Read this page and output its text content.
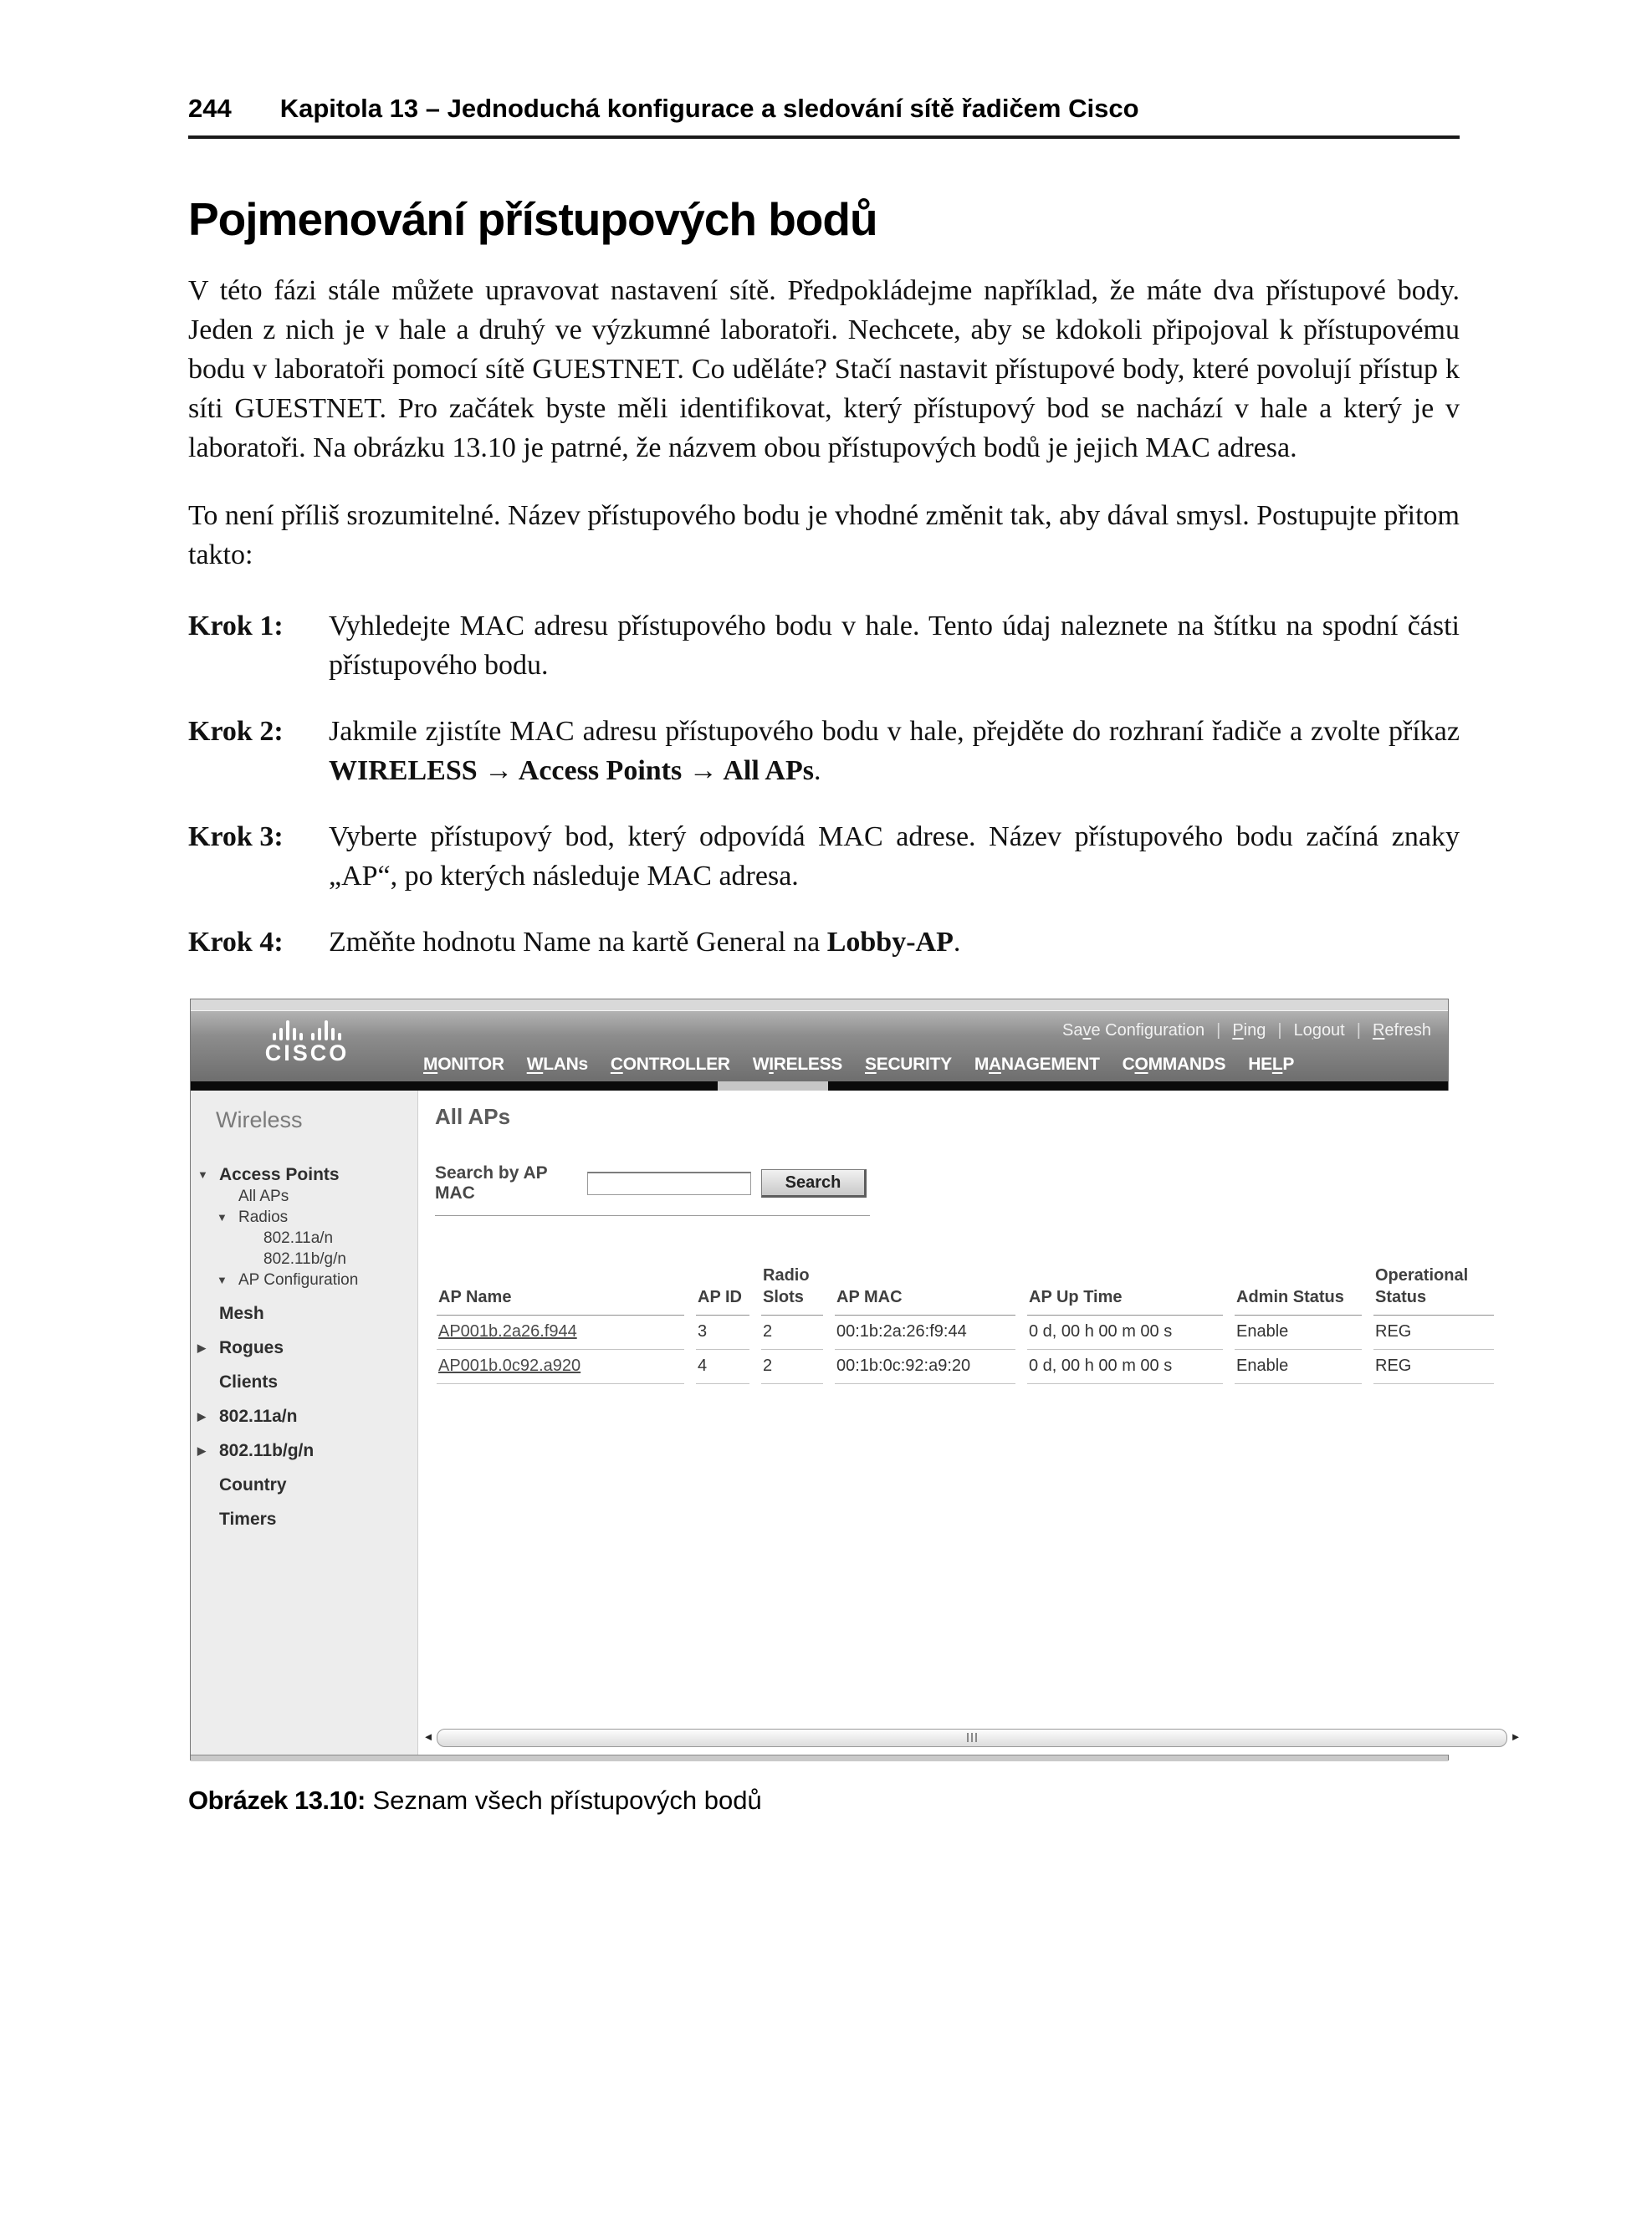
244 Kapitola 13 – Jednoduchá konfigurace a sledování sítě řadičem Cisco
Pojmenování přístupových bodů

V této fázi stále můžete upravovat nastavení sítě. Předpokládejme například, že máte dva přístupové body. Jeden z nich je v hale a druhý ve výzkumné laboratoři. Nechcete, aby se kdokoli připojoval k přístupovému bodu v laboratoři pomocí sítě GUESTNET. Co uděláte? Stačí nastavit přístupové body, které povolují přístup k síti GUESTNET. Pro začátek byste měli identifikovat, který přístupový bod se nachází v hale a který je v laboratoři. Na obrázku 13.10 je patrné, že názvem obou přístupových bodů je jejich MAC adresa.

To není příliš srozumitelné. Název přístupového bodu je vhodné změnit tak, aby dával smysl. Postupujte přitom takto:

Krok 1:	Vyhledejte MAC adresu přístupového bodu v hale. Tento údaj naleznete na štítku na spodní části přístupového bodu.
Krok 2:	Jakmile zjistíte MAC adresu přístupového bodu v hale, přejděte do rozhraní řadiče a zvolte příkaz WIRELESS → Access Points → All APs.
Krok 3:	Vyberte přístupový bod, který odpovídá MAC adrese. Název přístupového bodu začíná znaky „AP“, po kterých následuje MAC adresa.
Krok 4:	Změňte hodnotu Name na kartě General na Lobby-AP.
CISCO
Save Configuration | Ping | Logout | Refresh
MONITOR WLANs CONTROLLER WIRELESS SECURITY MANAGEMENT COMMANDS HELP
Wireless
▼ Access Points
All APs
▼ Radios
802.11a/n
802.11b/g/n
▼ AP Configuration
Mesh
▶ Rogues
Clients
▶ 802.11a/n
▶ 802.11b/g/n
Country
Timers
All APs
Search by AP MAC
Search
AP Name	AP ID	Radio
Slots	AP MAC	AP Up Time	Admin Status	Operational
Status
AP001b.2a26.f944	3	2	00:1b:2a:26:f9:44	0 d, 00 h 00 m 00 s	Enable	REG
AP001b.0c92.a920	4	2	00:1b:0c:92:a9:20	0 d, 00 h 00 m 00 s	Enable	REG
◄	►

Obrázek 13.10: Seznam všech přístupových bodů
